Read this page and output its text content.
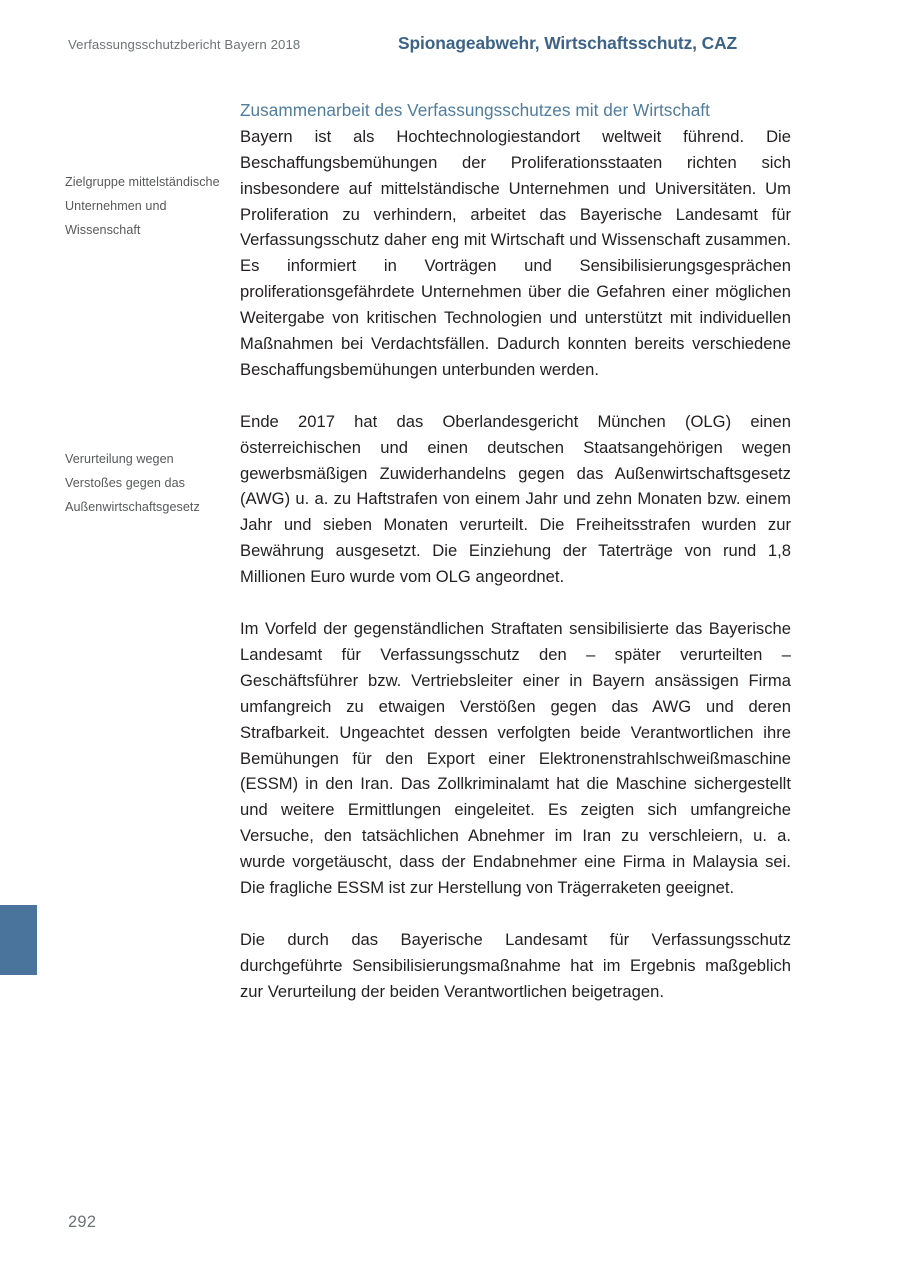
Verfassungsschutzbericht Bayern 2018	Spionageabwehr, Wirtschaftsschutz, CAZ
Zielgruppe mittelständische Unternehmen und Wissenschaft
Verurteilung wegen Verstoßes gegen das Außenwirtschaftsgesetz
Zusammenarbeit des Verfassungsschutzes mit der Wirtschaft

Bayern ist als Hochtechnologiestandort weltweit führend. Die Beschaffungsbemühungen der Proliferationsstaaten richten sich insbesondere auf mittelständische Unternehmen und Universitäten. Um Proliferation zu verhindern, arbeitet das Bayerische Landesamt für Verfassungsschutz daher eng mit Wirtschaft und Wissenschaft zusammen. Es informiert in Vorträgen und Sensibilisierungsgesprächen proliferationsgefährdete Unternehmen über die Gefahren einer möglichen Weitergabe von kritischen Technologien und unterstützt mit individuellen Maßnahmen bei Verdachtsfällen. Dadurch konnten bereits verschiedene Beschaffungsbemühungen unterbunden werden.

Ende 2017 hat das Oberlandesgericht München (OLG) einen österreichischen und einen deutschen Staatsangehörigen wegen gewerbsmäßigen Zuwiderhandelns gegen das Außenwirtschaftsgesetz (AWG) u. a. zu Haftstrafen von einem Jahr und zehn Monaten bzw. einem Jahr und sieben Monaten verurteilt. Die Freiheitsstrafen wurden zur Bewährung ausgesetzt. Die Einziehung der Taterträge von rund 1,8 Millionen Euro wurde vom OLG angeordnet.

Im Vorfeld der gegenständlichen Straftaten sensibilisierte das Bayerische Landesamt für Verfassungsschutz den – später verurteilten – Geschäftsführer bzw. Vertriebsleiter einer in Bayern ansässigen Firma umfangreich zu etwaigen Verstößen gegen das AWG und deren Strafbarkeit. Ungeachtet dessen verfolgten beide Verantwortlichen ihre Bemühungen für den Export einer Elektronenstrahlschweißmaschine (ESSM) in den Iran. Das Zollkriminalamt hat die Maschine sichergestellt und weitere Ermittlungen eingeleitet. Es zeigten sich umfangreiche Versuche, den tatsächlichen Abnehmer im Iran zu verschleiern, u. a. wurde vorgetäuscht, dass der Endabnehmer eine Firma in Malaysia sei. Die fragliche ESSM ist zur Herstellung von Trägerraketen geeignet.

Die durch das Bayerische Landesamt für Verfassungsschutz durchgeführte Sensibilisierungsmaßnahme hat im Ergebnis maßgeblich zur Verurteilung der beiden Verantwortlichen beigetragen.

292
